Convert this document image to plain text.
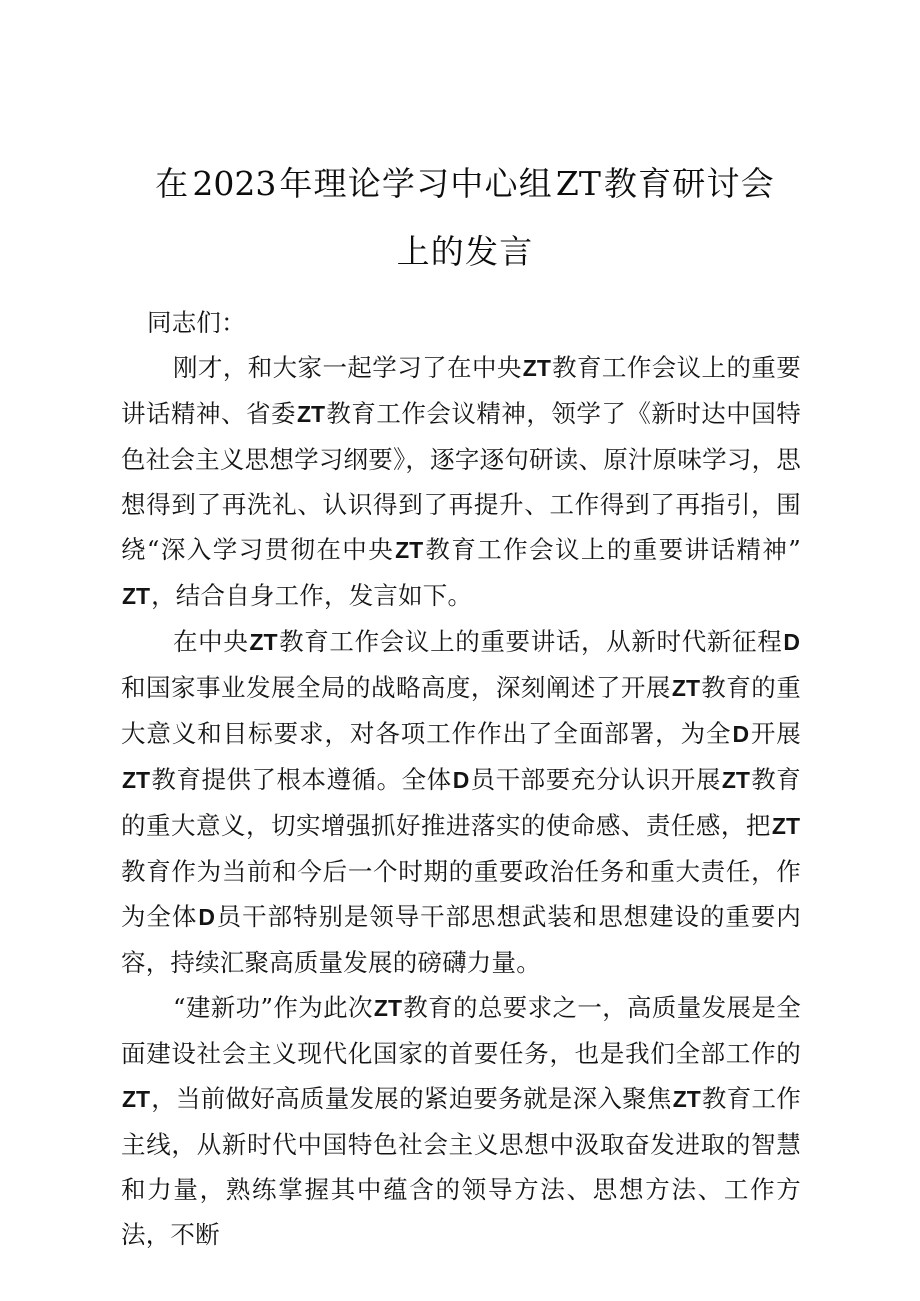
在2023年理论学习中心组ZT教育研讨会
上的发言

同志们：

刚才，和大家一起学习了在中央ZT教育工作会议上的重要讲话精神、省委ZT教育工作会议精神，领学了《新时达中国特色社会主义思想学习纲要》，逐字逐句研读、原汁原味学习，思想得到了再洗礼、认识得到了再提升、工作得到了再指引，围绕“深入学习贯彻在中央ZT教育工作会议上的重要讲话精神”ZT，结合自身工作，发言如下。

在中央ZT教育工作会议上的重要讲话，从新时代新征程D和国家事业发展全局的战略高度，深刻阐述了开展ZT教育的重大意义和目标要求，对各项工作作出了全面部署，为全D开展ZT教育提供了根本遵循。全体D员干部要充分认识开展ZT教育的重大意义，切实增强抓好推进落实的使命感、责任感，把ZT教育作为当前和今后一个时期的重要政治任务和重大责任，作为全体D员干部特别是领导干部思想武装和思想建设的重要内容，持续汇聚高质量发展的磅礴力量。

“建新功”作为此次ZT教育的总要求之一，高质量发展是全面建设社会主义现代化国家的首要任务，也是我们全部工作的ZT，当前做好高质量发展的紧迫要务就是深入聚焦ZT教育工作主线，从新时代中国特色社会主义思想中汲取奋发进取的智慧和力量，熟练掌握其中蕴含的领导方法、思想方法、工作方法，不断
